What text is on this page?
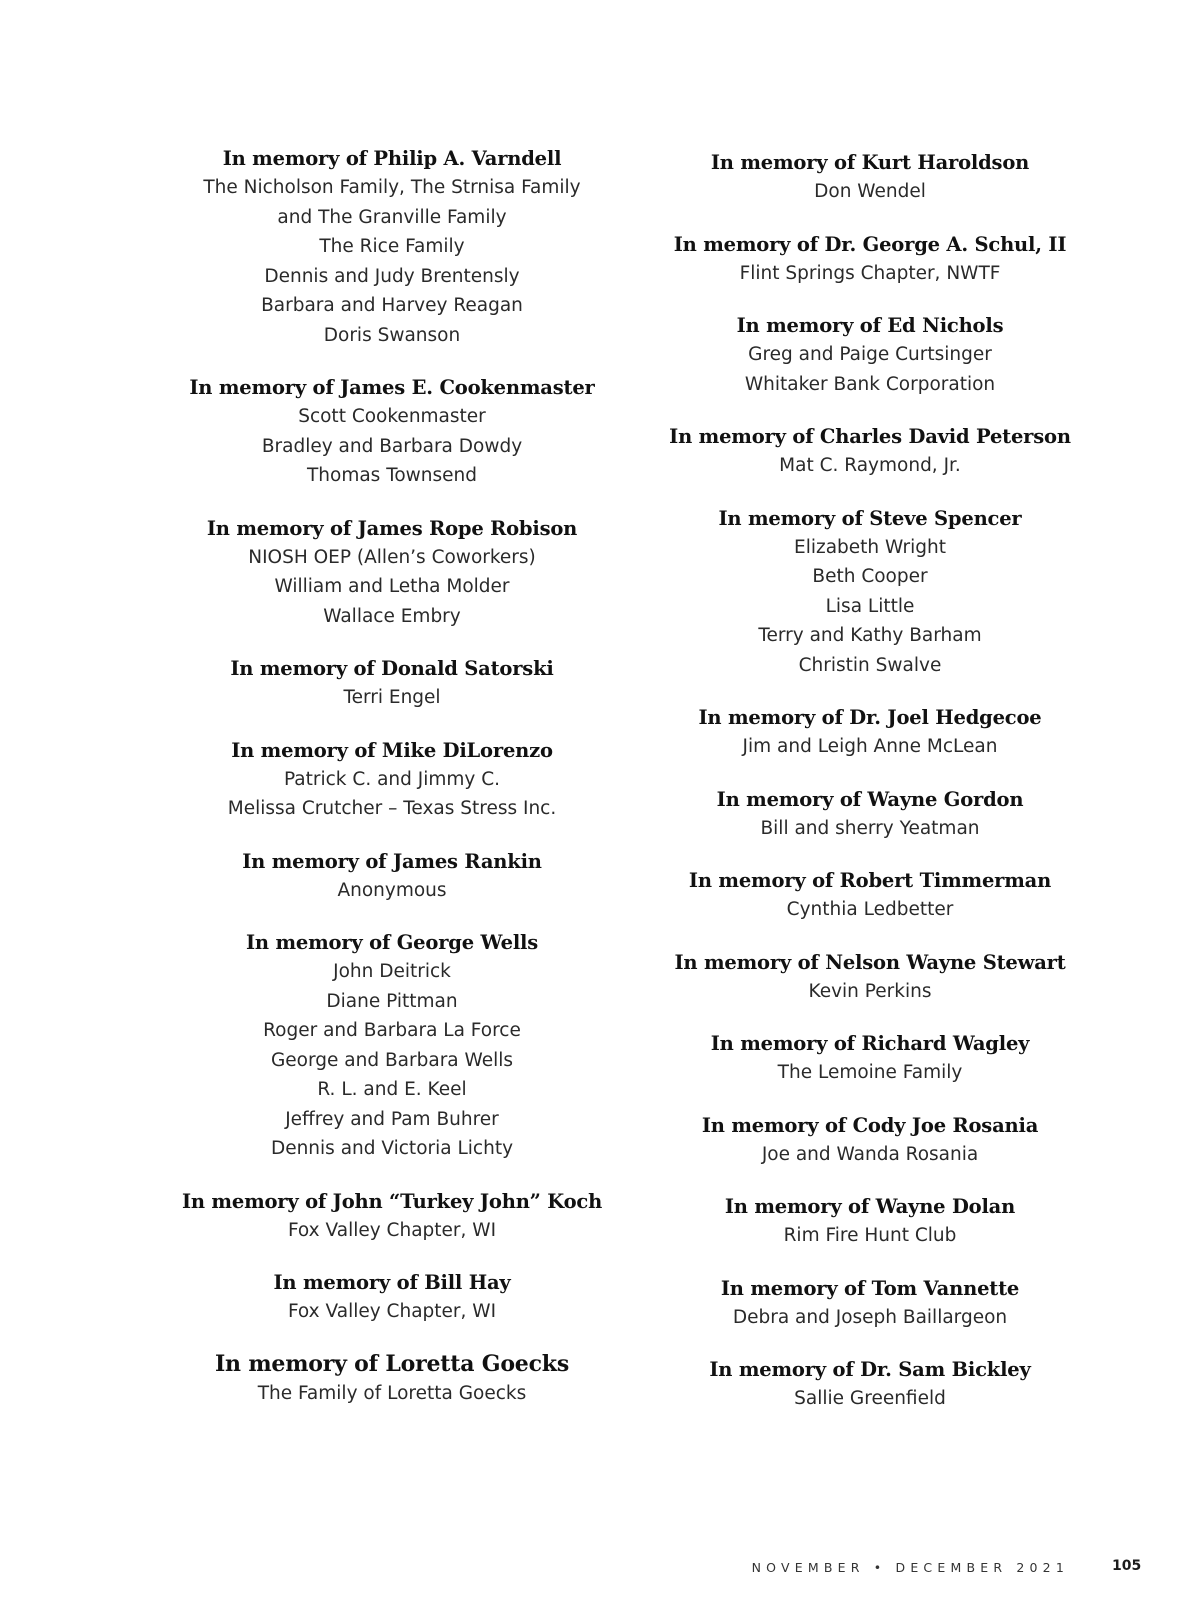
In memory of Philip A. Varndell
The Nicholson Family, The Strnisa Family
and The Granville Family
The Rice Family
Dennis and Judy Brentensly
Barbara and Harvey Reagan
Doris Swanson
In memory of James E. Cookenmaster
Scott Cookenmaster
Bradley and Barbara Dowdy
Thomas Townsend
In memory of James Rope Robison
NIOSH OEP (Allen’s Coworkers)
William and Letha Molder
Wallace Embry
In memory of Donald Satorski
Terri Engel
In memory of Mike DiLorenzo
Patrick C. and Jimmy C.
Melissa Crutcher – Texas Stress Inc.
In memory of James Rankin
Anonymous
In memory of George Wells
John Deitrick
Diane Pittman
Roger and Barbara La Force
George and Barbara Wells
R. L. and E. Keel
Jeffrey and Pam Buhrer
Dennis and Victoria Lichty
In memory of John “Turkey John” Koch
Fox Valley Chapter, WI
In memory of Bill Hay
Fox Valley Chapter, WI
In memory of Loretta Goecks
The Family of Loretta Goecks
In memory of Kurt Haroldson
Don Wendel
In memory of Dr. George A. Schul, II
Flint Springs Chapter, NWTF
In memory of Ed Nichols
Greg and Paige Curtsinger
Whitaker Bank Corporation
In memory of Charles David Peterson
Mat C. Raymond, Jr.
In memory of Steve Spencer
Elizabeth Wright
Beth Cooper
Lisa Little
Terry and Kathy Barham
Christin Swalve
In memory of Dr. Joel Hedgecoe
Jim and Leigh Anne McLean
In memory of Wayne Gordon
Bill and sherry Yeatman
In memory of Robert Timmerman
Cynthia Ledbetter
In memory of Nelson Wayne Stewart
Kevin Perkins
In memory of Richard Wagley
The Lemoine Family
In memory of Cody Joe Rosania
Joe and Wanda Rosania
In memory of Wayne Dolan
Rim Fire Hunt Club
In memory of Tom Vannette
Debra and Joseph Baillargeon
In memory of Dr. Sam Bickley
Sallie Greenfield
NOVEMBER • DECEMBER 2021	105
